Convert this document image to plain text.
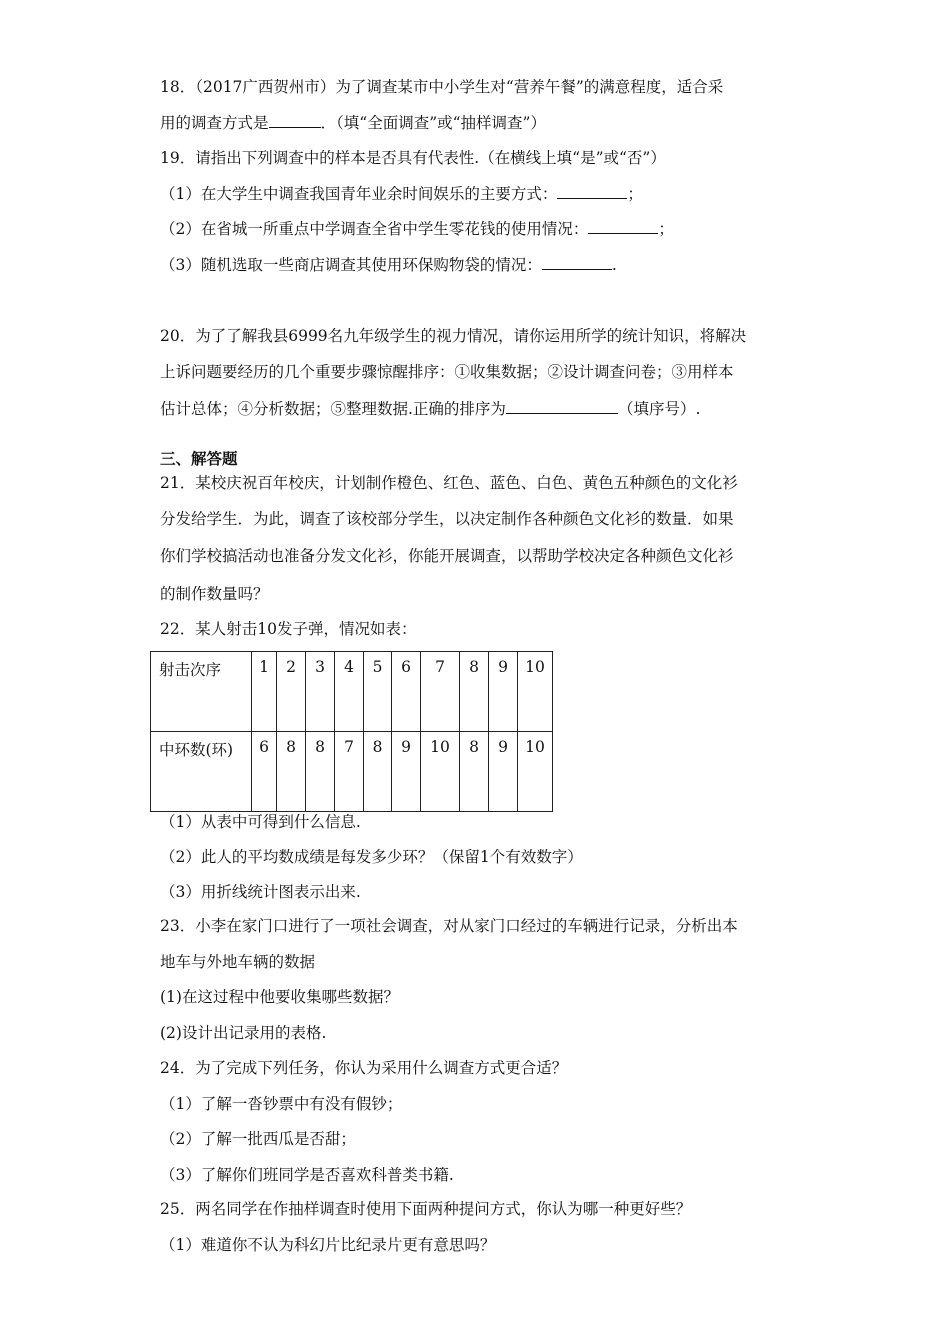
18．（2017广西贺州市）为了调查某市中小学生对“营养午餐”的满意程度，适合采
用的调查方式是	．（填“全面调查”或“抽样调查”）
19．请指出下列调查中的样本是否具有代表性.（在横线上填“是”或“否”）
（1）在大学生中调查我国青年业余时间娱乐的主要方式：	；
（2）在省城一所重点中学调查全省中学生零花钱的使用情况：	；
（3）随机选取一些商店调查其使用环保购物袋的情况：	.
20．为了了解我县6999名九年级学生的视力情况，请你运用所学的统计知识，将解决
上诉问题要经历的几个重要步骤惊醒排序：①收集数据；②设计调查问卷；③用样本
估计总体；④分析数据；⑤整理数据.正确的排序为	（填序号）.
三、解答题
21．某校庆祝百年校庆，计划制作橙色、红色、蓝色、白色、黄色五种颜色的文化衫
分发给学生．为此，调查了该校部分学生，以决定制作各种颜色文化衫的数量．如果
你们学校搞活动也准备分发文化衫，你能开展调查，以帮助学校决定各种颜色文化衫
的制作数量吗？
22．某人射击10发子弹，情况如表：
射击次序	1	2	3	4	5	6	7	8	9	10
中环数(环)	6	8	8	7	8	9	10	8	9	10
（1）从表中可得到什么信息.
（2）此人的平均数成绩是每发多少环？（保留1个有效数字）
（3）用折线统计图表示出来.
23．小李在家门口进行了一项社会调查，对从家门口经过的车辆进行记录，分析出本
地车与外地车辆的数据
(1)在这过程中他要收集哪些数据？
(2)设计出记录用的表格.
24．为了完成下列任务，你认为采用什么调查方式更合适？
（1）了解一沓钞票中有没有假钞；
（2）了解一批西瓜是否甜；
（3）了解你们班同学是否喜欢科普类书籍.
25．两名同学在作抽样调查时使用下面两种提问方式，你认为哪一种更好些？
（1）难道你不认为科幻片比纪录片更有意思吗？
